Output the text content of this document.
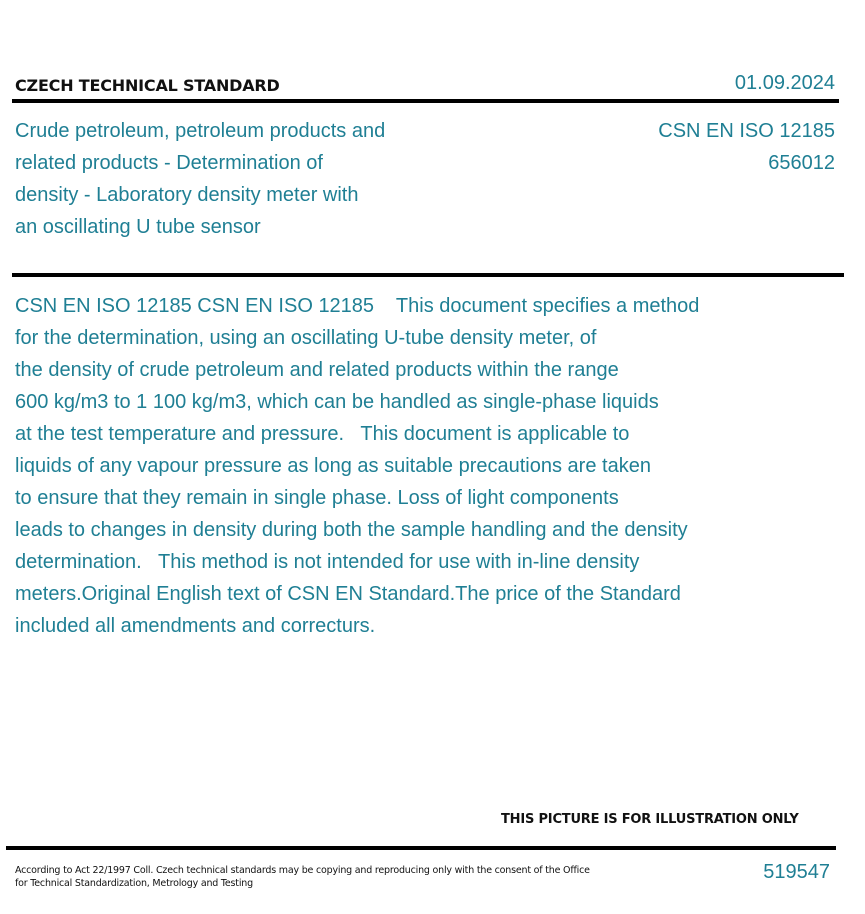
CZECH TECHNICAL STANDARD	01.09.2024
Crude petroleum, petroleum products and
related products - Determination of
density - Laboratory density meter with
an oscillating U tube sensor
CSN EN ISO 12185
656012
CSN EN ISO 12185 CSN EN ISO 12185    This document specifies a method
for the determination, using an oscillating U-tube density meter, of
the density of crude petroleum and related products within the range
600 kg/m3 to 1 100 kg/m3, which can be handled as single-phase liquids
at the test temperature and pressure.   This document is applicable to
liquids of any vapour pressure as long as suitable precautions are taken
to ensure that they remain in single phase. Loss of light components
leads to changes in density during both the sample handling and the density
determination.   This method is not intended for use with in-line density
meters.Original English text of CSN EN Standard.The price of the Standard
included all amendments and correcturs.
THIS PICTURE IS FOR ILLUSTRATION ONLY
According to Act 22/1997 Coll. Czech technical standards may be copying and reproducing only with the consent of the Office
for Technical Standardization, Metrology and Testing
519547
